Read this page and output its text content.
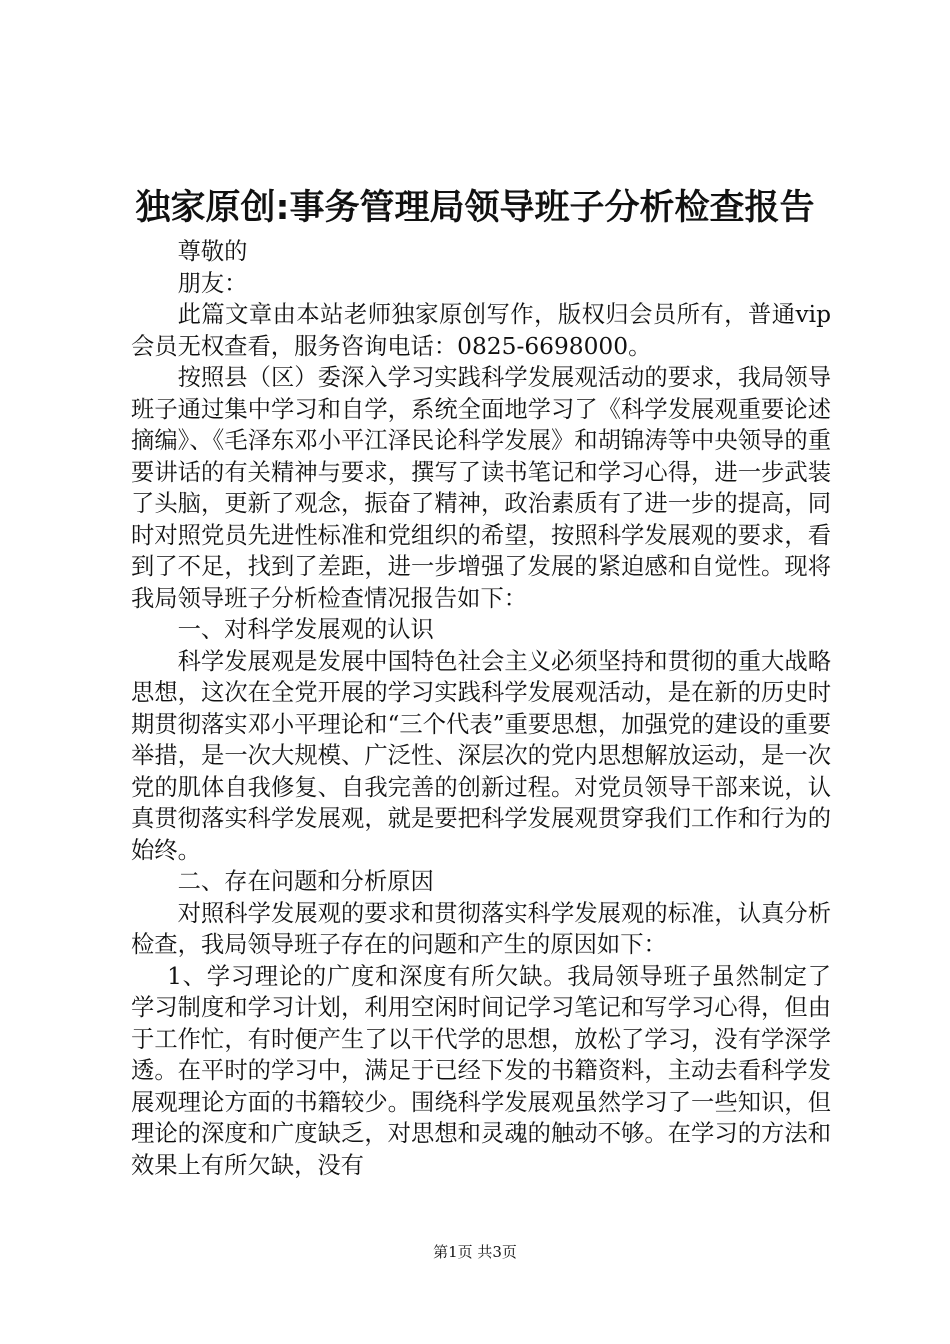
独家原创:事务管理局领导班子分析检查报告

尊敬的

朋友：

此篇文章由本站老师独家原创写作，版权归会员所有，普通vip会员无权查看，服务咨询电话：0825-6698000。

按照县（区）委深入学习实践科学发展观活动的要求，我局领导班子通过集中学习和自学，系统全面地学习了《科学发展观重要论述摘编》、《毛泽东邓小平江泽民论科学发展》和胡锦涛等中央领导的重要讲话的有关精神与要求，撰写了读书笔记和学习心得，进一步武装了头脑，更新了观念，振奋了精神，政治素质有了进一步的提高，同时对照党员先进性标准和党组织的希望，按照科学发展观的要求，看到了不足，找到了差距，进一步增强了发展的紧迫感和自觉性。现将我局领导班子分析检查情况报告如下：

一、对科学发展观的认识

科学发展观是发展中国特色社会主义必须坚持和贯彻的重大战略思想，这次在全党开展的学习实践科学发展观活动，是在新的历史时期贯彻落实邓小平理论和“三个代表”重要思想，加强党的建设的重要举措，是一次大规模、广泛性、深层次的党内思想解放运动，是一次党的肌体自我修复、自我完善的创新过程。对党员领导干部来说，认真贯彻落实科学发展观，就是要把科学发展观贯穿我们工作和行为的始终。

二、存在问题和分析原因

对照科学发展观的要求和贯彻落实科学发展观的标准，认真分析检查，我局领导班子存在的问题和产生的原因如下：

1、学习理论的广度和深度有所欠缺。我局领导班子虽然制定了学习制度和学习计划，利用空闲时间记学习笔记和写学习心得，但由于工作忙，有时便产生了以干代学的思想，放松了学习，没有学深学透。在平时的学习中，满足于已经下发的书籍资料，主动去看科学发展观理论方面的书籍较少。围绕科学发展观虽然学习了一些知识，但理论的深度和广度缺乏，对思想和灵魂的触动不够。在学习的方法和效果上有所欠缺，没有

第1页 共3页
